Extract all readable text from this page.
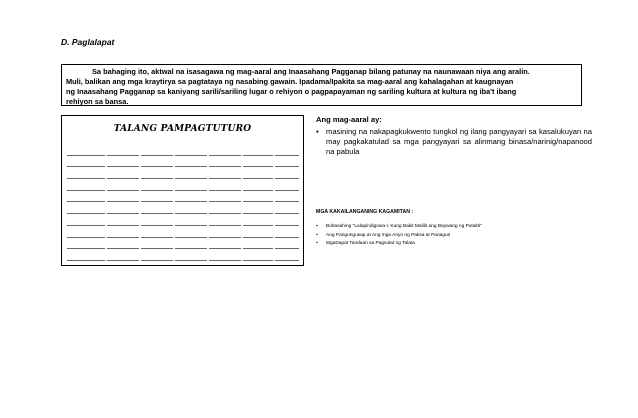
D. Paglalapat
Sa bahaging ito, aktwal na isasagawa ng mag-aaral ang Inaasahang Pagganap bilang patunay na naunawaan niya ang aralin.
Muli, balikan ang mga kraytirya sa pagtataya ng nasabing gawain. Ipadama/Ipakita sa mag-aaral ang kahalagahan at kaugnayan
ng Inaasahang Pagganap sa kaniyang sarili/sariling lugar o rehiyon o pagpapayaman ng sariling kultura at kultura ng iba't ibang
rehiyon sa bansa.
TALANG PAMPAGTUTURO
Ang mag-aaral ay:
▪ masining na nakapagkukwento tungkol ng ilang pangyayari sa kasalukuyan na may pagkakatulad sa mga pangyayari sa alinmang binasa/narinig/napanood na pabula
MGA KAKAILANGANING KAGAMITAN :
▪	Bobasahing "Lalapindigowa-i: Kung Bakit Malilit ang Baywang ng Putakti"
▪	Ang Pangungusap at Ang mga Anyo ng Paksa at Panaguri
▪	MgaDapat Tandaan sa Pagsulat ng Talata
